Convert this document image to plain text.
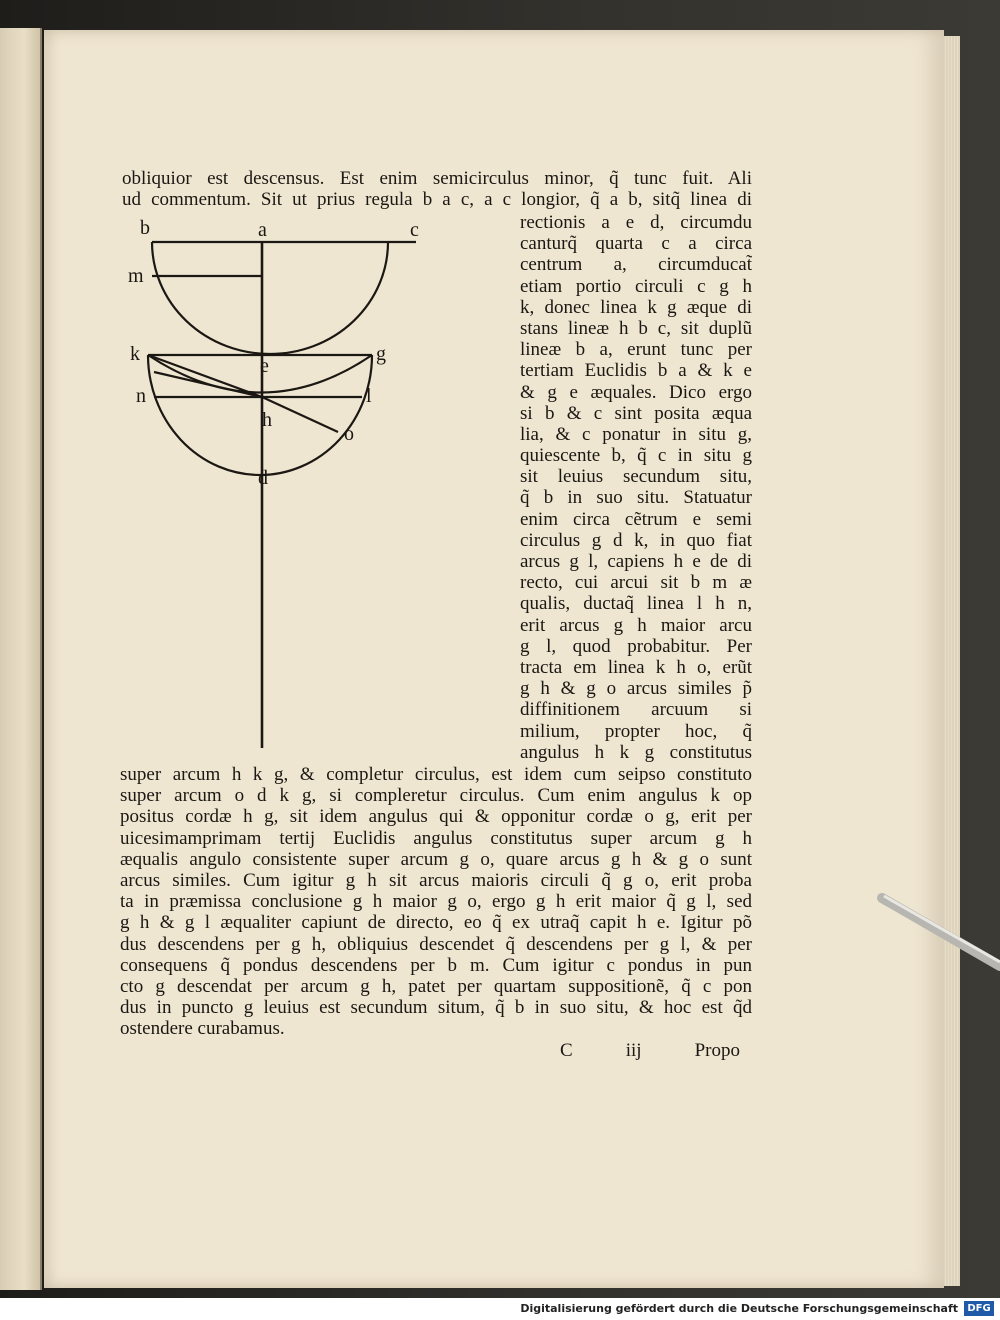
obliquior est descensus. Est enim semicirculus minor, q̃ tunc fuit. Ali
ud commentum. Sit ut prius regula b a c, a c longior, q̃ a b, sitq̃ linea di
rectionis a e d, circumdu
canturq̃ quarta c a circa
centrum a, circumducat̃
etiam portio circuli c g h
k, donec linea k g æque di
stans lineæ h b c, sit duplũ
lineæ b a, erunt tunc per
tertiam Euclidis b a & k e
& g e æquales. Dico ergo
si b & c sint posita æqua
lia, & c ponatur in situ g,
quiescente b, q̃ c in situ g
sit leuius secundum situ,
q̃ b in suo situ. Statuatur
enim circa cẽtrum e semi
circulus g d k, in quo fiat
arcus g l, capiens h e de di
recto, cui arcui sit b m æ
qualis, ductaq̃ linea l h n,
erit arcus g h maior arcu
g l, quod probabitur. Per
tracta em linea k h o, erũt
g h & g o arcus similes p̃
diffinitionem arcuum si
milium, propter hoc, q̃
angulus h k g constitutus
super arcum h k g, & completur circulus, est idem cum seipso constituto
super arcum o d k g, si compleretur circulus. Cum enim angulus k op
positus cordæ h g, sit idem angulus qui & opponitur cordæ o g, erit per
uicesimamprimam tertij Euclidis angulus constitutus super arcum g h
æqualis angulo consistente super arcum g o, quare arcus g h & g o sunt
arcus similes. Cum igitur g h sit arcus maioris circuli q̃ g o, erit proba
ta in præmissa conclusione g h maior g o, ergo g h erit maior q̃ g l, sed
g h & g l æqualiter capiunt de directo, eo q̃ ex utraq̃ capit h e. Igitur põ
dus descendens per g h, obliquius descendet q̃ descendens per g l, & per
consequens q̃ pondus descendens per b m. Cum igitur c pondus in pun
cto g descendat per arcum g h, patet per quartam suppositionẽ, q̃ c pon
dus in puncto g leuius est secundum situm, q̃ b in suo situ, & hoc est q̃d
ostendere curabamus.
b	a	c
m
k
e
g
n	l
h
o
d
C	iij	Propo
Digitalisierung gefördert durch die Deutsche Forschungsgemeinschaft DFG
